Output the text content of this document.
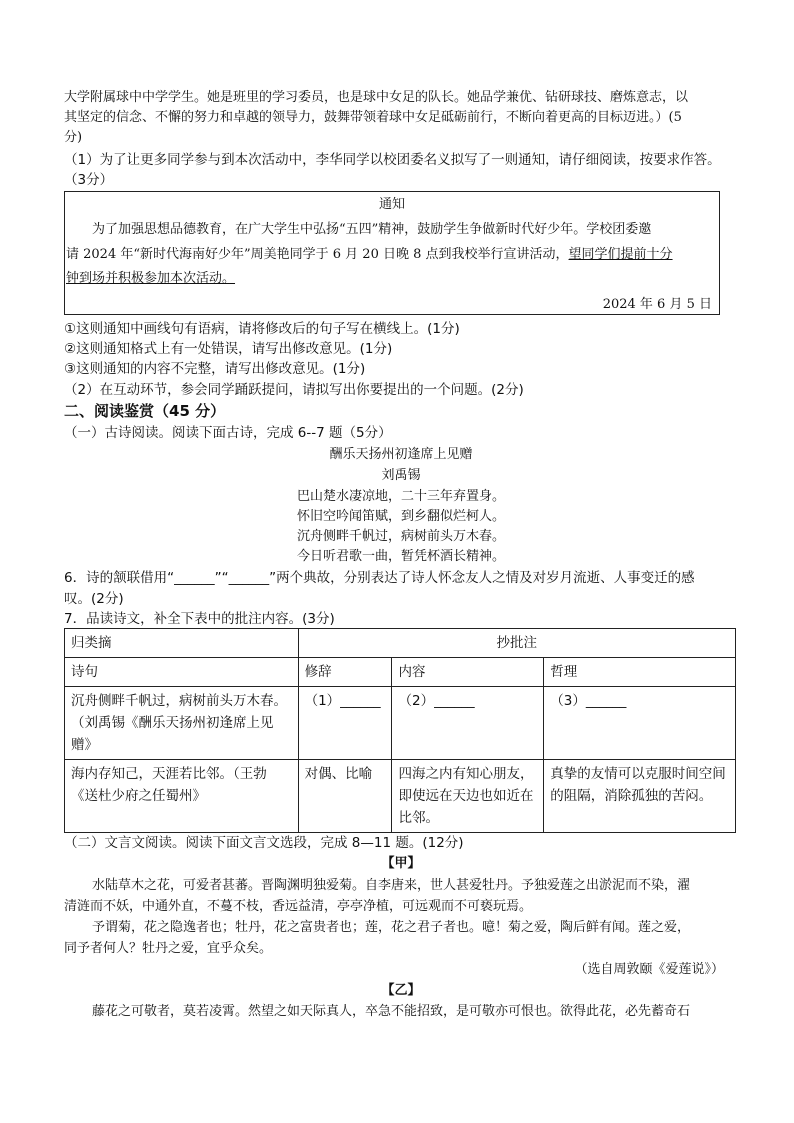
大学附属球中中学学生。她是班里的学习委员，也是球中女足的队长。她品学兼优、钻研球技、磨炼意志，以
其坚定的信念、不懈的努力和卓越的领导力，鼓舞带领着球中女足砥砺前行，不断向着更高的目标迈进。）(5
分)
（1）为了让更多同学参与到本次活动中，李华同学以校团委名义拟写了一则通知，请仔细阅读，按要求作答。
（3分）
通知
为了加强思想品德教育，在广大学生中弘扬“五四”精神，鼓励学生争做新时代好少年。学校团委邀
请 2024 年“新时代海南好少年”周美艳同学于 6 月 20 日晚 8 点到我校举行宣讲活动，望同学们提前十分
钟到场并积极参加本次活动。
2024 年 6 月 5 日
①这则通知中画线句有语病，请将修改后的句子写在横线上。(1分)
②这则通知格式上有一处错误，请写出修改意见。(1分)
③这则通知的内容不完整，请写出修改意见。(1分)
（2）在互动环节，参会同学踊跃提问，请拟写出你要提出的一个问题。(2分)
二、阅读鉴赏（45 分）
（一）古诗阅读。阅读下面古诗，完成 6--7 题（5分）
酬乐天扬州初逢席上见赠
刘禹锡
巴山楚水凄凉地，二十三年弃置身。
怀旧空吟闻笛赋，到乡翻似烂柯人。
沉舟侧畔千帆过，病树前头万木春。
今日听君歌一曲，暂凭杯酒长精神。
6．诗的颔联借用“______”“______”两个典故，分别表达了诗人怀念友人之情及对岁月流逝、人事变迁的感
叹。(2分)
7．品读诗文，补全下表中的批注内容。(3分)
归类摘	抄批注		
诗句	修辞	内容	哲理
沉舟侧畔千帆过，病树前头万木春。（刘禹锡《酬乐天扬州初逢席上见赠》	（1）______	（2）______	（3）______
海内存知己，天涯若比邻。（王勃《送杜少府之任蜀州》	对偶、比喻	四海之内有知心朋友，即使远在天边也如近在比邻。	真挚的友情可以克服时间空间的阻隔，消除孤独的苦闷。
（二）文言文阅读。阅读下面文言文选段，完成 8—11 题。(12分)
【甲】
水陆草木之花，可爱者甚蕃。晋陶渊明独爱菊。自李唐来，世人甚爱牡丹。予独爱莲之出淤泥而不染，濯
清涟而不妖，中通外直，不蔓不枝，香远益清，亭亭净植，可远观而不可亵玩焉。
予谓菊，花之隐逸者也；牡丹，花之富贵者也；莲，花之君子者也。噫！菊之爱，陶后鲜有闻。莲之爱，
同予者何人？牡丹之爱，宜乎众矣。
（选自周敦颐《爱莲说》）
【乙】
藤花之可敬者，莫若凌霄。然望之如天际真人，卒急不能招致，是可敬亦可恨也。欲得此花，必先蓄奇石
